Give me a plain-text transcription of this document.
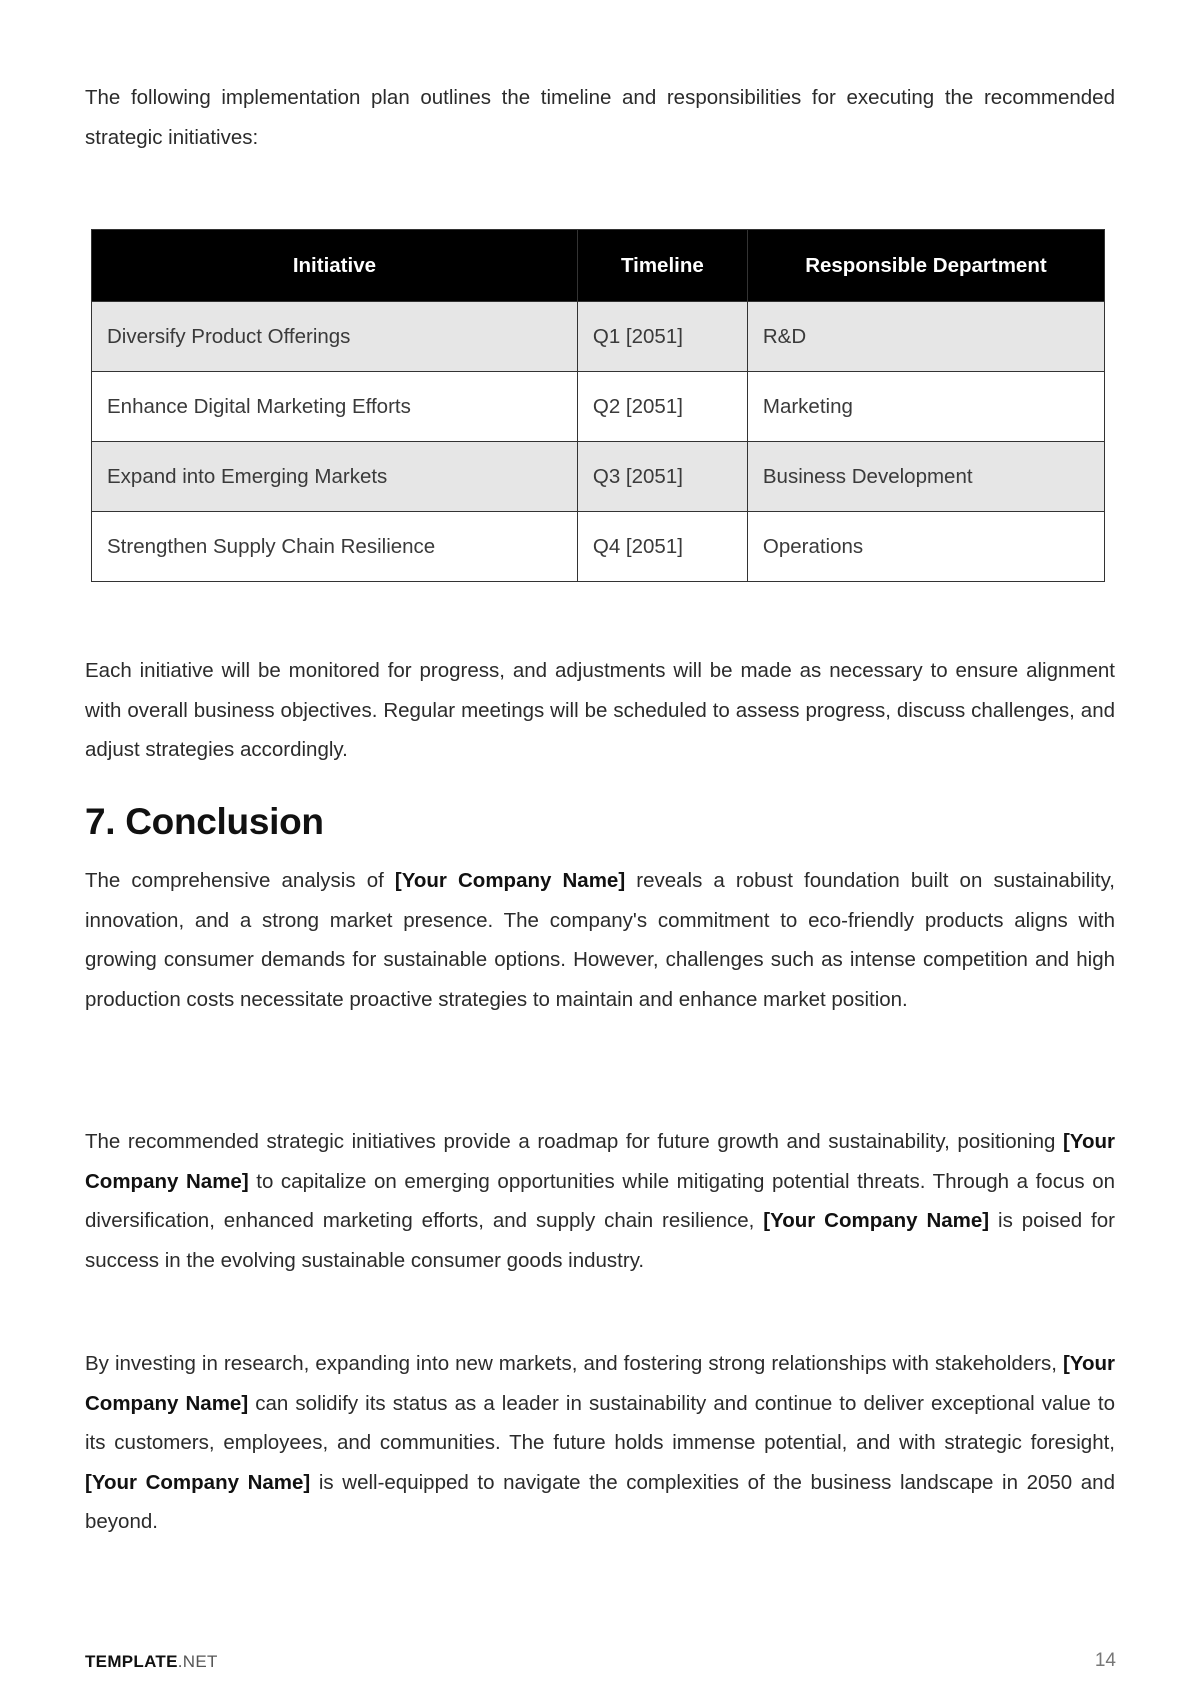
The following implementation plan outlines the timeline and responsibilities for executing the recommended strategic initiatives:

Initiative	Timeline	Responsible Department
Diversify Product Offerings	Q1 [2051]	R&D
Enhance Digital Marketing Efforts	Q2 [2051]	Marketing
Expand into Emerging Markets	Q3 [2051]	Business Development
Strengthen Supply Chain Resilience	Q4 [2051]	Operations

Each initiative will be monitored for progress, and adjustments will be made as necessary to ensure alignment with overall business objectives. Regular meetings will be scheduled to assess progress, discuss challenges, and adjust strategies accordingly.

7. Conclusion

The comprehensive analysis of [Your Company Name] reveals a robust foundation built on sustainability, innovation, and a strong market presence. The company's commitment to eco-friendly products aligns with growing consumer demands for sustainable options. However, challenges such as intense competition and high production costs necessitate proactive strategies to maintain and enhance market position.

The recommended strategic initiatives provide a roadmap for future growth and sustainability, positioning [Your Company Name] to capitalize on emerging opportunities while mitigating potential threats. Through a focus on diversification, enhanced marketing efforts, and supply chain resilience, [Your Company Name] is poised for success in the evolving sustainable consumer goods industry.

By investing in research, expanding into new markets, and fostering strong relationships with stakeholders, [Your Company Name] can solidify its status as a leader in sustainability and continue to deliver exceptional value to its customers, employees, and communities. The future holds immense potential, and with strategic foresight, [Your Company Name] is well-equipped to navigate the complexities of the business landscape in 2050 and beyond.

TEMPLATE.NET	14
